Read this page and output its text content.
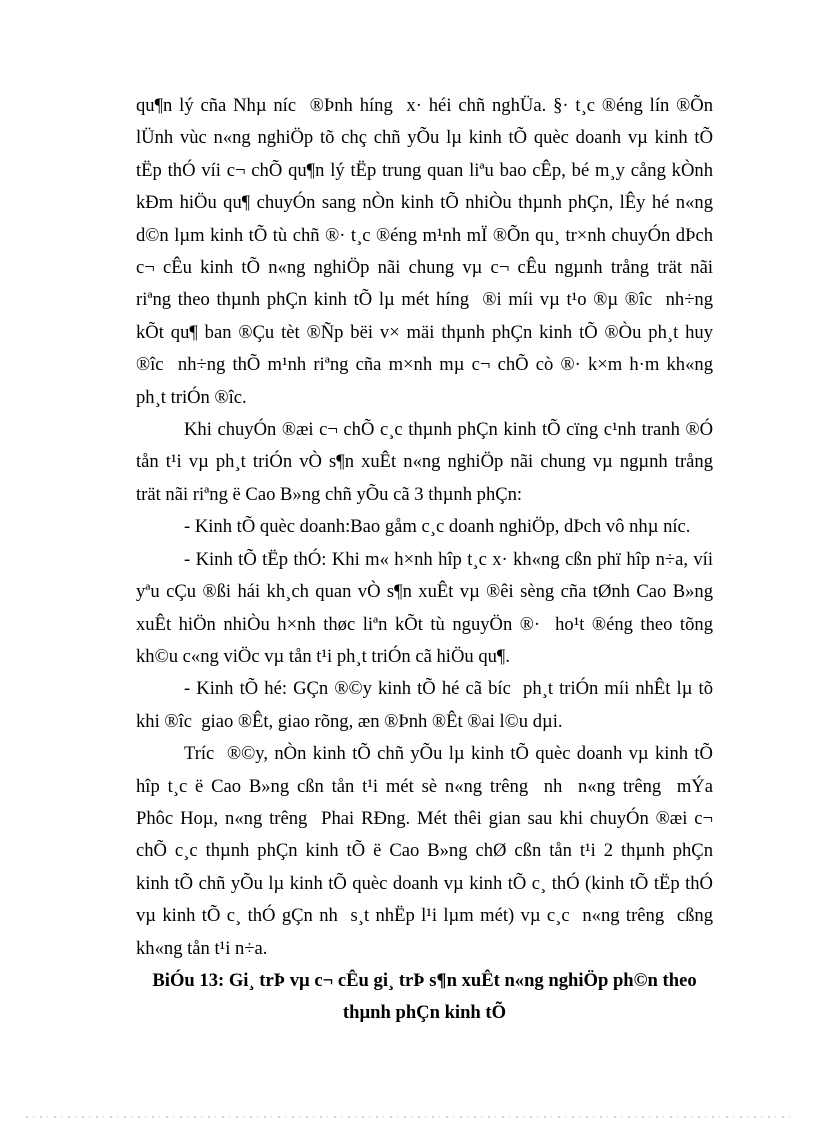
qu¶n lý cña Nhµ níc  ®Þnh híng  x· héi chñ nghÜa. §· t¸c ®éng lín ®Õn
lÜnh vùc n«ng nghiÖp tõ chç chñ yÕu lµ kinh tÕ quèc doanh vµ kinh tÕ
tËp thÓ víi c¬ chÕ qu¶n lý tËp trung quan liªu bao cÊp, bé m¸y cång kÒnh
kÐm hiÖu qu¶ chuyÓn sang nÒn kinh tÕ nhiÒu thµnh phÇn, lÊy hé n«ng
d©n lµm kinh tÕ tù chñ ®· t¸c ®éng m¹nh mÏ ®Õn qu¸ tr×nh chuyÓn dÞch
c¬ cÊu kinh tÕ n«ng nghiÖp nãi chung vµ c¬ cÊu ngµnh trång trät nãi
riªng theo thµnh phÇn kinh tÕ lµ mét híng  ®i míi vµ t¹o ®µ ®îc  nh÷ng
kÕt qu¶ ban ®Çu tèt ®Ñp bëi v× mäi thµnh phÇn kinh tÕ ®Òu ph¸t huy
®îc  nh÷ng thÕ m¹nh riªng cña m×nh mµ c¬ chÕ cò ®· k×m h·m kh«ng
ph¸t triÓn ®îc.
Khi chuyÓn ®æi c¬ chÕ c¸c thµnh phÇn kinh tÕ cïng c¹nh tranh ®Ó
tån t¹i vµ ph¸t triÓn vÒ s¶n xuÊt n«ng nghiÖp nãi chung vµ ngµnh trång
trät nãi riªng ë Cao B»ng chñ yÕu cã 3 thµnh phÇn:
- Kinh tÕ quèc doanh:Bao gåm c¸c doanh nghiÖp, dÞch vô nhµ níc.
- Kinh tÕ tËp thÓ: Khi m« h×nh hîp t¸c x· kh«ng cßn phï hîp n÷a, víi
yªu cÇu ®ßi hái kh¸ch quan vÒ s¶n xuÊt vµ ®êi sèng cña tØnh Cao B»ng
xuÊt hiÖn nhiÒu h×nh thøc liªn kÕt tù nguyÖn ®·  ho¹t ®éng theo tõng
kh©u c«ng viÖc vµ tån t¹i ph¸t triÓn cã hiÖu qu¶.
- Kinh tÕ hé: GÇn ®©y kinh tÕ hé cã bíc  ph¸t triÓn míi nhÊt lµ tõ
khi ®îc  giao ®Êt, giao rõng, æn ®Þnh ®Êt ®ai l©u dµi.
Tríc  ®©y, nÒn kinh tÕ chñ yÕu lµ kinh tÕ quèc doanh vµ kinh tÕ
hîp t¸c ë Cao B»ng cßn tån t¹i mét sè n«ng trêng  nh  n«ng trêng  mÝa
Phôc Hoµ, n«ng trêng  Phai RÐng. Mét thêi gian sau khi chuyÓn ®æi c¬
chÕ c¸c thµnh phÇn kinh tÕ ë Cao B»ng chØ cßn tån t¹i 2 thµnh phÇn
kinh tÕ chñ yÕu lµ kinh tÕ quèc doanh vµ kinh tÕ c¸ thÓ (kinh tÕ tËp thÓ
vµ kinh tÕ c¸ thÓ gÇn nh  s¸t nhËp l¹i lµm mét) vµ c¸c  n«ng trêng  cßng
kh«ng tån t¹i n÷a.
BiÓu 13: Gi¸ trÞ vµ c¬ cÊu gi¸ trÞ s¶n xuÊt n«ng nghiÖp ph©n theo
thµnh phÇn kinh tÕ
